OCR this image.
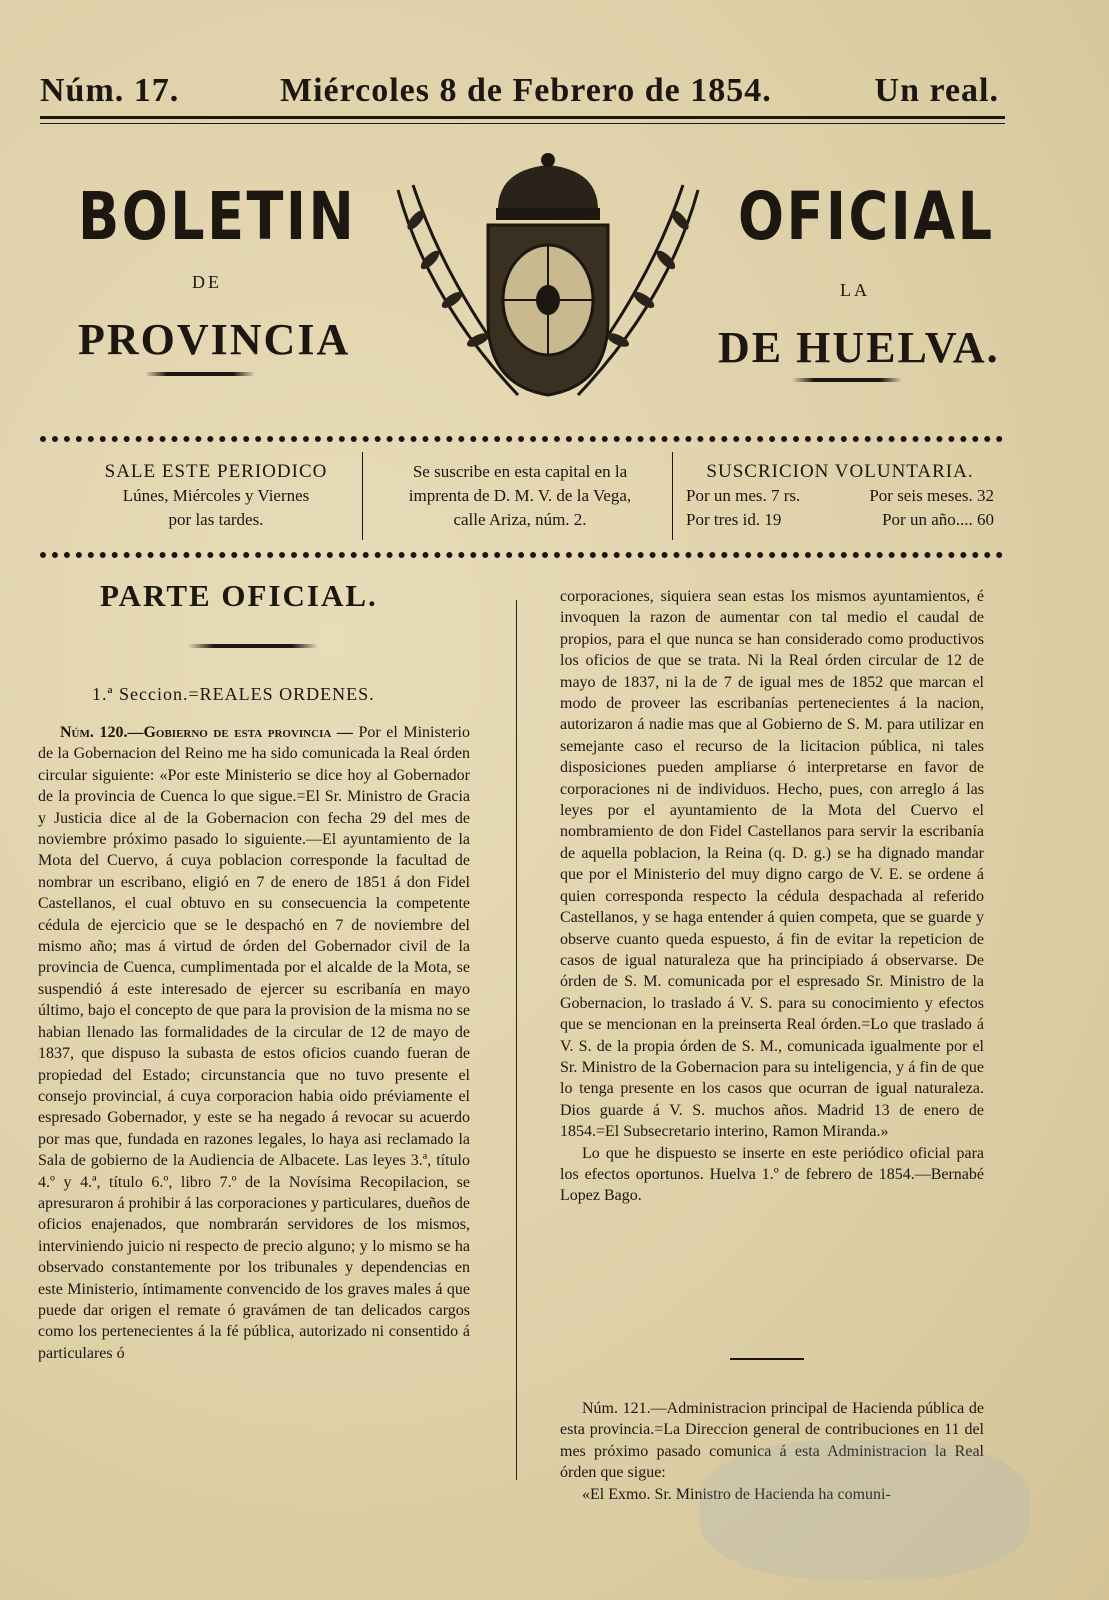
Núm. 17.	Miércoles 8 de Febrero de 1854.	Un real.
BOLETIN
DE
PROVINCIA
OFICIAL
LA
DE HUELVA.
SALE ESTE PERIODICO
Lúnes, Miércoles y Viernes
por las tardes.
Se suscribe en esta capital en la
imprenta de D. M. V. de la Vega,
calle Ariza, núm. 2.
SUSCRICION VOLUNTARIA.
Por un mes. 7 rs.	Por seis meses. 32
Por tres id. 19	Por un año.... 60
PARTE OFICIAL.
1.ª Seccion.=REALES ORDENES.

Núm. 120.—Gobierno de esta provincia — Por el Ministerio de la Gobernacion del Reino me ha sido comunicada la Real órden circular siguiente: «Por este Ministerio se dice hoy al Gobernador de la provincia de Cuenca lo que sigue.=El Sr. Ministro de Gracia y Justicia dice al de la Gobernacion con fecha 29 del mes de noviembre próximo pasado lo siguiente.—El ayuntamiento de la Mota del Cuervo, á cuya poblacion corresponde la facultad de nombrar un escribano, eligió en 7 de enero de 1851 á don Fidel Castellanos, el cual obtuvo en su consecuencia la competente cédula de ejercicio que se le despachó en 7 de noviembre del mismo año; mas á virtud de órden del Gobernador civil de la provincia de Cuenca, cumplimentada por el alcalde de la Mota, se suspendió á este interesado de ejercer su escribanía en mayo último, bajo el concepto de que para la provision de la misma no se habian llenado las formalidades de la circular de 12 de mayo de 1837, que dispuso la subasta de estos oficios cuando fueran de propiedad del Estado; circunstancia que no tuvo presente el consejo provincial, á cuya corporacion habia oido préviamente el espresado Gobernador, y este se ha negado á revocar su acuerdo por mas que, fundada en razones legales, lo haya asi reclamado la Sala de gobierno de la Audiencia de Albacete. Las leyes 3.ª, título 4.º y 4.ª, título 6.º, libro 7.º de la Novísima Recopilacion, se apresuraron á prohibir á las corporaciones y particulares, dueños de oficios enajenados, que nombrarán servidores de los mismos, interviniendo juicio ni respecto de precio alguno; y lo mismo se ha observado constantemente por los tribunales y dependencias en este Ministerio, íntimamente convencido de los graves males á que puede dar origen el remate ó gravámen de tan delicados cargos como los pertenecientes á la fé pública, autorizado ni consentido á particulares ó

corporaciones, siquiera sean estas los mismos ayuntamientos, é invoquen la razon de aumentar con tal medio el caudal de propios, para el que nunca se han considerado como productivos los oficios de que se trata. Ni la Real órden circular de 12 de mayo de 1837, ni la de 7 de igual mes de 1852 que marcan el modo de proveer las escribanías pertenecientes á la nacion, autorizaron á nadie mas que al Gobierno de S. M. para utilizar en semejante caso el recurso de la licitacion pública, ni tales disposiciones pueden ampliarse ó interpretarse en favor de corporaciones ni de individuos. Hecho, pues, con arreglo á las leyes por el ayuntamiento de la Mota del Cuervo el nombramiento de don Fidel Castellanos para servir la escribanía de aquella poblacion, la Reina (q. D. g.) se ha dignado mandar que por el Ministerio del muy digno cargo de V. E. se ordene á quien corresponda respecto la cédula despachada al referido Castellanos, y se haga entender á quien competa, que se guarde y observe cuanto queda espuesto, á fin de evitar la repeticion de casos de igual naturaleza que ha principiado á observarse. De órden de S. M. comunicada por el espresado Sr. Ministro de la Gobernacion, lo traslado á V. S. para su conocimiento y efectos que se mencionan en la preinserta Real órden.=Lo que traslado á V. S. de la propia órden de S. M., comunicada igualmente por el Sr. Ministro de la Gobernacion para su inteligencia, y á fin de que lo tenga presente en los casos que ocurran de igual naturaleza. Dios guarde á V. S. muchos años. Madrid 13 de enero de 1854.=El Subsecretario interino, Ramon Miranda.»

Lo que he dispuesto se inserte en este periódico oficial para los efectos oportunos. Huelva 1.º de febrero de 1854.—Bernabé Lopez Bago.

Núm. 121.—Administracion principal de Hacienda pública de esta provincia.=La Direccion general de contribuciones en 11 del mes próximo pasado comunica á esta Administracion la Real órden que sigue:

«El Exmo. Sr. Ministro de Hacienda ha comuni-
